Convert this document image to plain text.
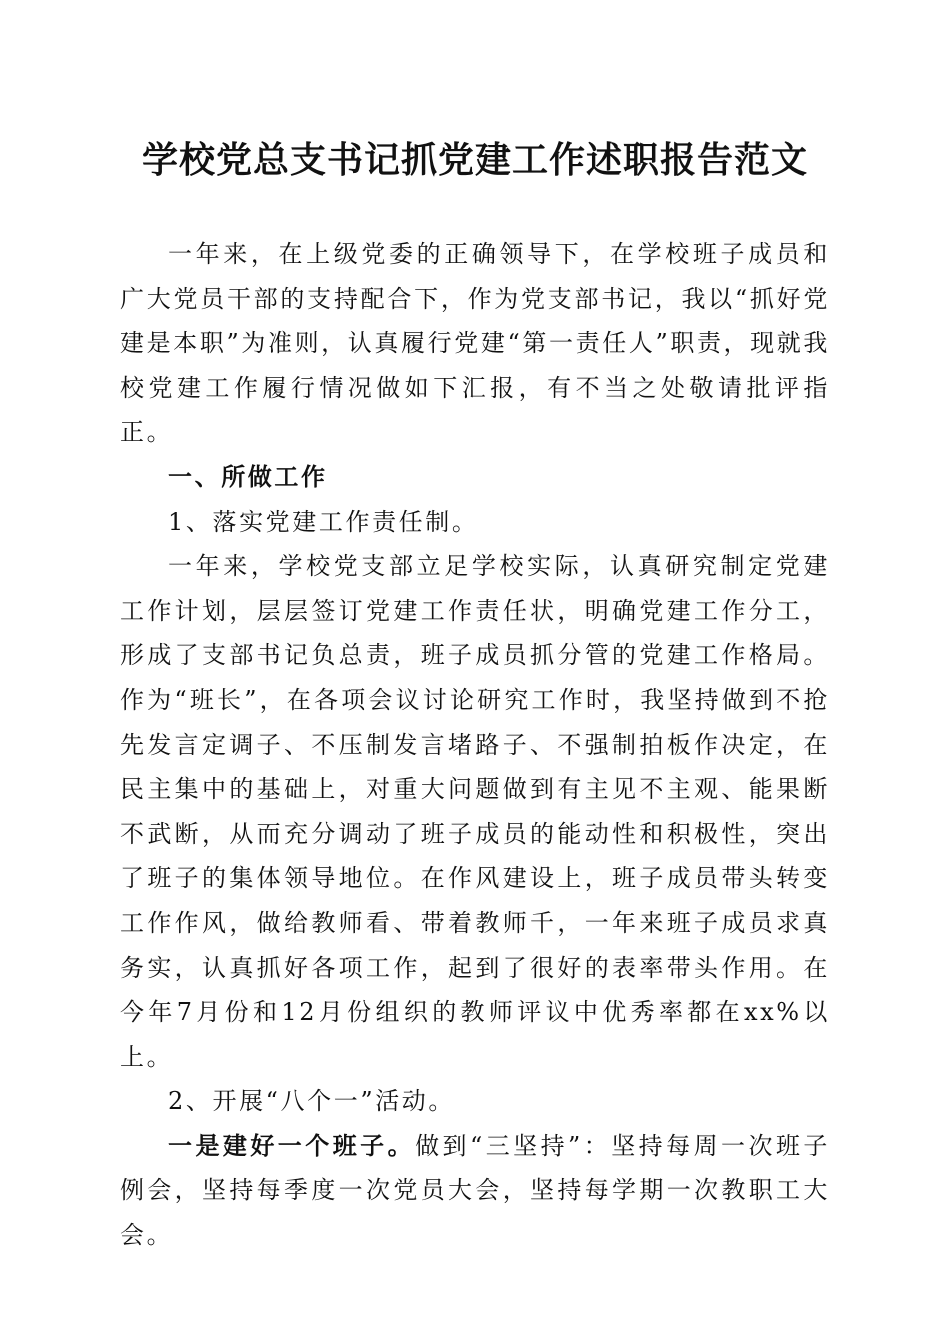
学校党总支书记抓党建工作述职报告范文

一年来，在上级党委的正确领导下，在学校班子成员和广大党员干部的支持配合下，作为党支部书记，我以“抓好党建是本职”为准则，认真履行党建“第一责任人”职责，现就我校党建工作履行情况做如下汇报，有不当之处敬请批评指正。

一、所做工作

1、落实党建工作责任制。

一年来，学校党支部立足学校实际，认真研究制定党建工作计划，层层签订党建工作责任状，明确党建工作分工，形成了支部书记负总责，班子成员抓分管的党建工作格局。作为“班长”，在各项会议讨论研究工作时，我坚持做到不抢先发言定调子、不压制发言堵路子、不强制拍板作决定，在民主集中的基础上，对重大问题做到有主见不主观、能果断不武断，从而充分调动了班子成员的能动性和积极性，突出了班子的集体领导地位。在作风建设上，班子成员带头转变工作作风，做给教师看、带着教师千，一年来班子成员求真务实，认真抓好各项工作，起到了很好的表率带头作用。在今年7月份和12月份组织的教师评议中优秀率都在xx%以上。

2、开展“八个一”活动。

一是建好一个班子。做到“三坚持”：坚持每周一次班子例会，坚持每季度一次党员大会，坚持每学期一次教职工大会。
